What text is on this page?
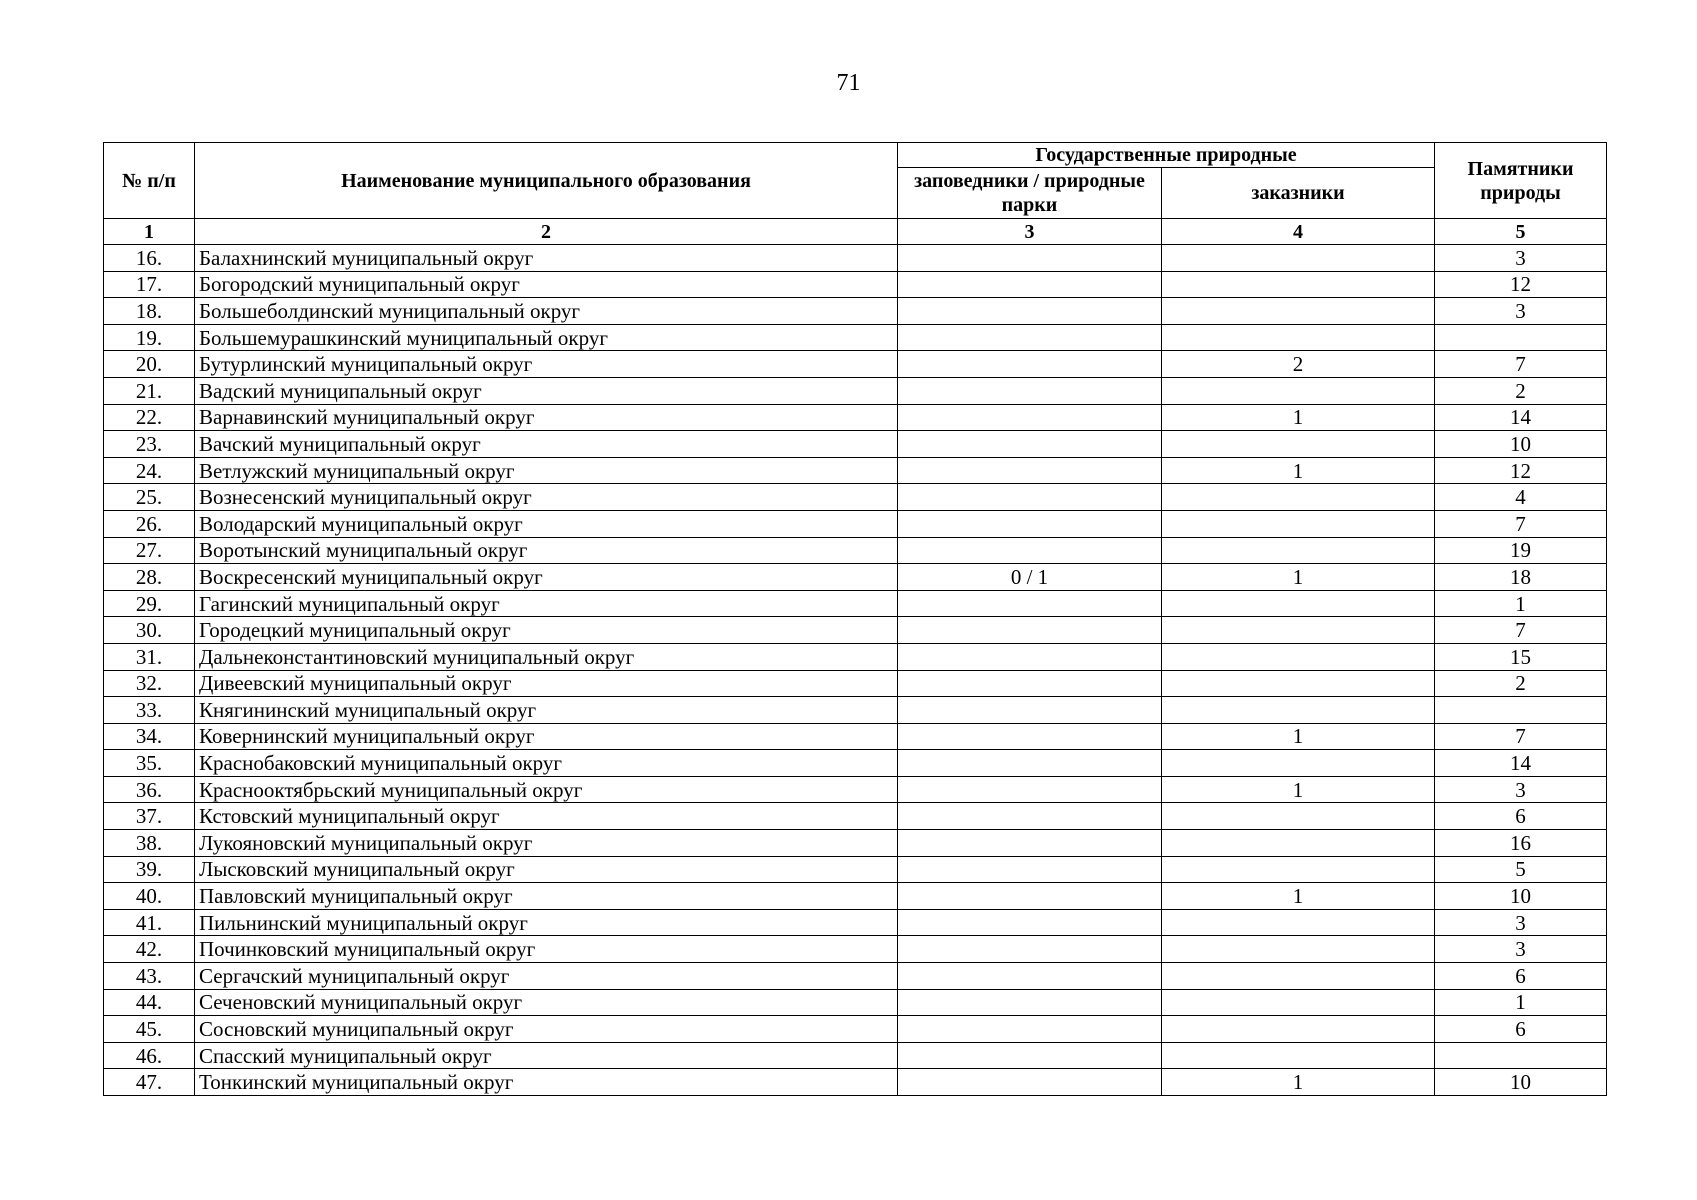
71
№ п/п	Наименование муниципального образования	Государственные природные		Памятники природы
		заповедники / природные парки	заказники	
1	2	3	4	5
16.	Балахнинский муниципальный округ			3
17.	Богородский муниципальный округ			12
18.	Большеболдинский муниципальный округ			3
19.	Большемурашкинский муниципальный округ			
20.	Бутурлинский муниципальный округ		2	7
21.	Вадский муниципальный округ			2
22.	Варнавинский муниципальный округ		1	14
23.	Вачский муниципальный округ			10
24.	Ветлужский муниципальный округ		1	12
25.	Вознесенский муниципальный округ			4
26.	Володарский муниципальный округ			7
27.	Воротынский муниципальный округ			19
28.	Воскресенский муниципальный округ	0 / 1	1	18
29.	Гагинский муниципальный округ			1
30.	Городецкий муниципальный округ			7
31.	Дальнеконстантиновский муниципальный округ			15
32.	Дивеевский муниципальный округ			2
33.	Княгининский муниципальный округ			
34.	Ковернинский муниципальный округ		1	7
35.	Краснобаковский муниципальный округ			14
36.	Краснооктябрьский муниципальный округ		1	3
37.	Кстовский муниципальный округ			6
38.	Лукояновский муниципальный округ			16
39.	Лысковский муниципальный округ			5
40.	Павловский муниципальный округ		1	10
41.	Пильнинский муниципальный округ			3
42.	Починковский муниципальный округ			3
43.	Сергачский муниципальный округ			6
44.	Сеченовский муниципальный округ			1
45.	Сосновский муниципальный округ			6
46.	Спасский муниципальный округ			
47.	Тонкинский муниципальный округ		1	10
